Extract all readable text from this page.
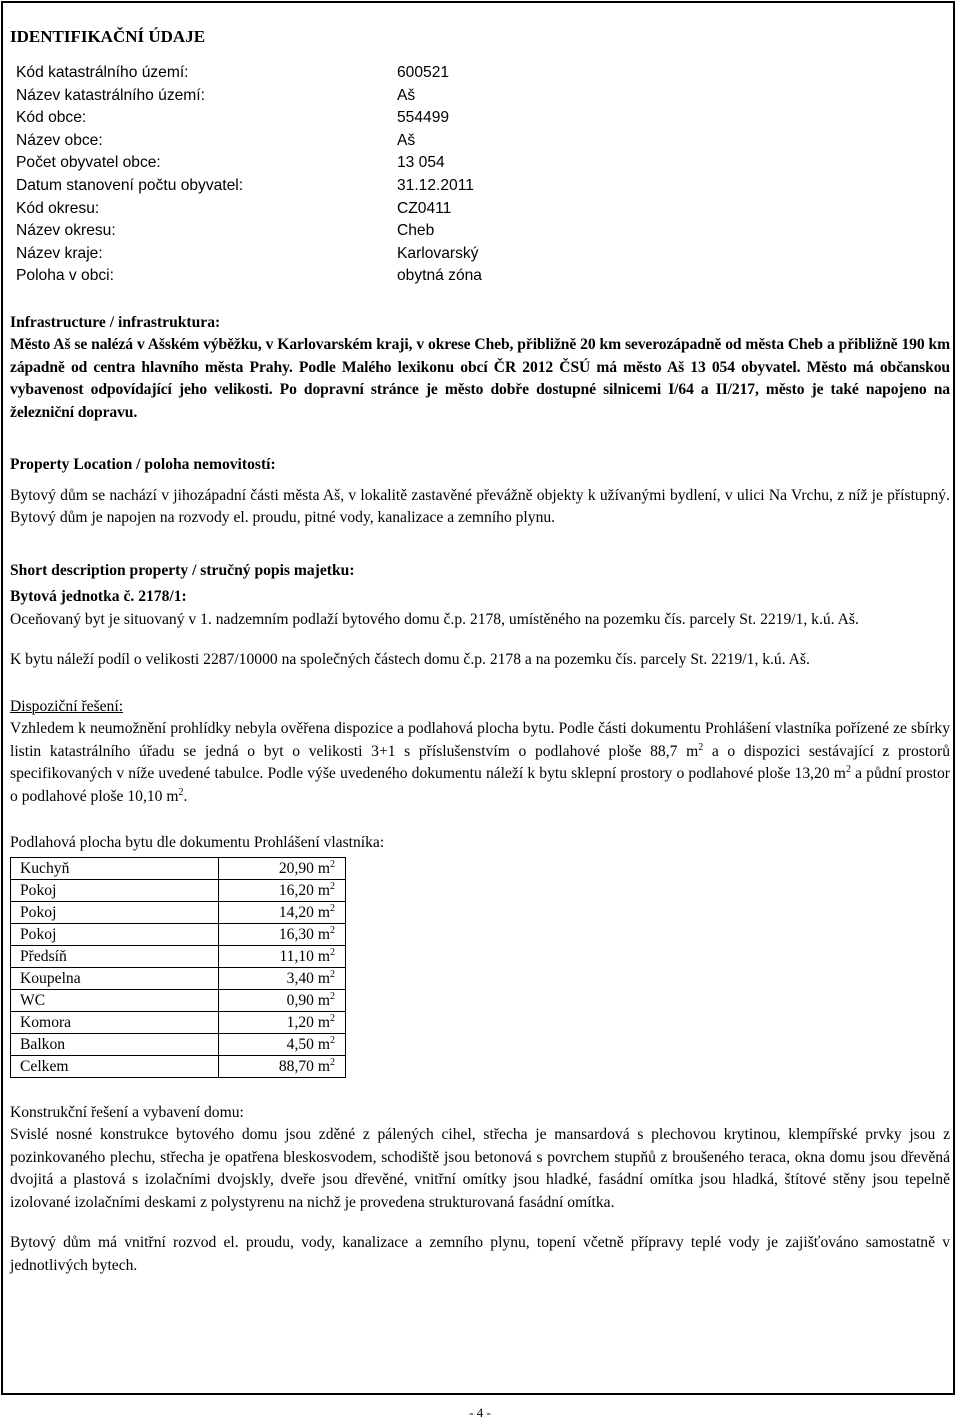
IDENTIFIKAČNÍ ÚDAJE
Kód katastrálního území:	600521
Název katastrálního území:	Aš
Kód obce:	554499
Název obce:	Aš
Počet obyvatel obce:	13 054
Datum stanovení počtu obyvatel:	31.12.2011
Kód okresu:	CZ0411
Název okresu:	Cheb
Název kraje:	Karlovarský
Poloha v obci:	obytná zóna

Infrastructure / infrastruktura:

Město Aš se nalézá v Ašském výběžku, v Karlovarském kraji, v okrese Cheb, přibližně 20 km severozápadně od města Cheb a přibližně 190 km západně od centra hlavního města Prahy. Podle Malého lexikonu obcí ČR 2012 ČSÚ má město Aš 13 054 obyvatel. Město má občanskou vybavenost odpovídající jeho velikosti. Po dopravní stránce je město dobře dostupné silnicemi I/64 a II/217, město je také napojeno na železniční dopravu.

Property Location / poloha nemovitostí:

Bytový dům se nachází v jihozápadní části města Aš, v lokalitě zastavěné převážně objekty k užívanými bydlení, v ulici Na Vrchu, z níž je přístupný. Bytový dům je napojen na rozvody el. proudu, pitné vody, kanalizace a zemního plynu.

Short description property / stručný popis majetku:

Bytová jednotka č. 2178/1:

Oceňovaný byt je situovaný v 1. nadzemním podlaží bytového domu č.p. 2178, umístěného na pozemku čís. parcely St. 2219/1, k.ú. Aš.

K bytu náleží podíl o velikosti 2287/10000 na společných částech domu č.p. 2178 a na pozemku čís. parcely St. 2219/1, k.ú. Aš.

Dispoziční řešení:

Vzhledem k neumožnění prohlídky nebyla ověřena dispozice a podlahová plocha bytu. Podle části dokumentu Prohlášení vlastníka pořízené ze sbírky listin katastrálního úřadu se jedná o byt o velikosti 3+1 s příslušenstvím o podlahové ploše 88,7 $m^2$ a o dispozici sestávající z prostorů specifikovaných v níže uvedené tabulce. Podle výše uvedeného dokumentu náleží k bytu sklepní prostory o podlahové ploše 13,20 $m^2$ a půdní prostor o podlahové ploše 10,10 $m^2$.

Podlahová plocha bytu dle dokumentu Prohlášení vlastníka:

Kuchyň	20,90 $m^2$
Pokoj	16,20 $m^2$
Pokoj	14,20 $m^2$
Pokoj	16,30 $m^2$
Předsíň	11,10 $m^2$
Koupelna	3,40 $m^2$
WC	0,90 $m^2$
Komora	1,20 $m^2$
Balkon	4,50 $m^2$
Celkem	88,70 $m^2$

Konstrukční řešení a vybavení domu:

Svislé nosné konstrukce bytového domu jsou zděné z pálených cihel, střecha je mansardová s plechovou krytinou, klempířské prvky jsou z pozinkovaného plechu, střecha je opatřena bleskosvodem, schodiště jsou betonová s povrchem stupňů z broušeného teraca, okna domu jsou dřevěná dvojitá a plastová s izolačními dvojskly, dveře jsou dřevěné, vnitřní omítky jsou hladké, fasádní omítka jsou hladká, štítové stěny jsou tepelně izolované izolačními deskami z polystyrenu na nichž je provedena strukturovaná fasádní omítka.

Bytový dům má vnitřní rozvod el. proudu, vody, kanalizace a zemního plynu, topení včetně přípravy teplé vody je zajišťováno samostatně v jednotlivých bytech.

- 4 -
